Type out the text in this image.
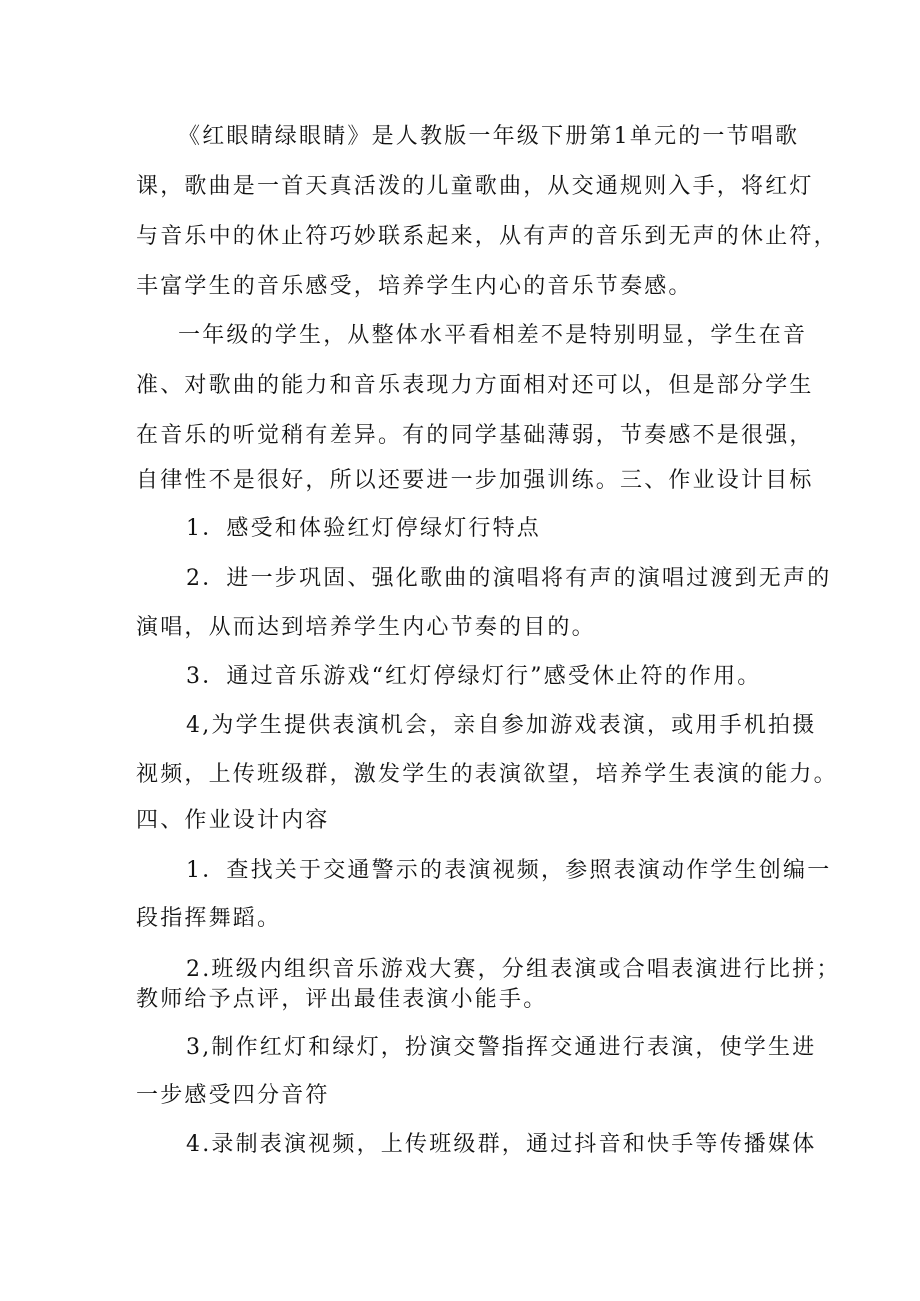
《红眼睛绿眼睛》是人教版一年级下册第1单元的一节唱歌
课，歌曲是一首天真活泼的儿童歌曲，从交通规则入手，将红灯
与音乐中的休止符巧妙联系起来，从有声的音乐到无声的休止符，
丰富学生的音乐感受，培养学生内心的音乐节奏感。
一年级的学生，从整体水平看相差不是特别明显，学生在音
准、对歌曲的能力和音乐表现力方面相对还可以，但是部分学生
在音乐的听觉稍有差异。有的同学基础薄弱，节奏感不是很强，
自律性不是很好，所以还要进一步加强训练。三、作业设计目标
1．感受和体验红灯停绿灯行特点
2．进一步巩固、强化歌曲的演唱将有声的演唱过渡到无声的
演唱，从而达到培养学生内心节奏的目的。
3．通过音乐游戏“红灯停绿灯行”感受休止符的作用。
4,为学生提供表演机会，亲自参加游戏表演，或用手机拍摄
视频，上传班级群，激发学生的表演欲望，培养学生表演的能力。
四、作业设计内容
1．查找关于交通警示的表演视频，参照表演动作学生创编一
段指挥舞蹈。
2.班级内组织音乐游戏大赛，分组表演或合唱表演进行比拼；
教师给予点评，评出最佳表演小能手。
3,制作红灯和绿灯，扮演交警指挥交通进行表演，使学生进
一步感受四分音符
4.录制表演视频，上传班级群，通过抖音和快手等传播媒体
